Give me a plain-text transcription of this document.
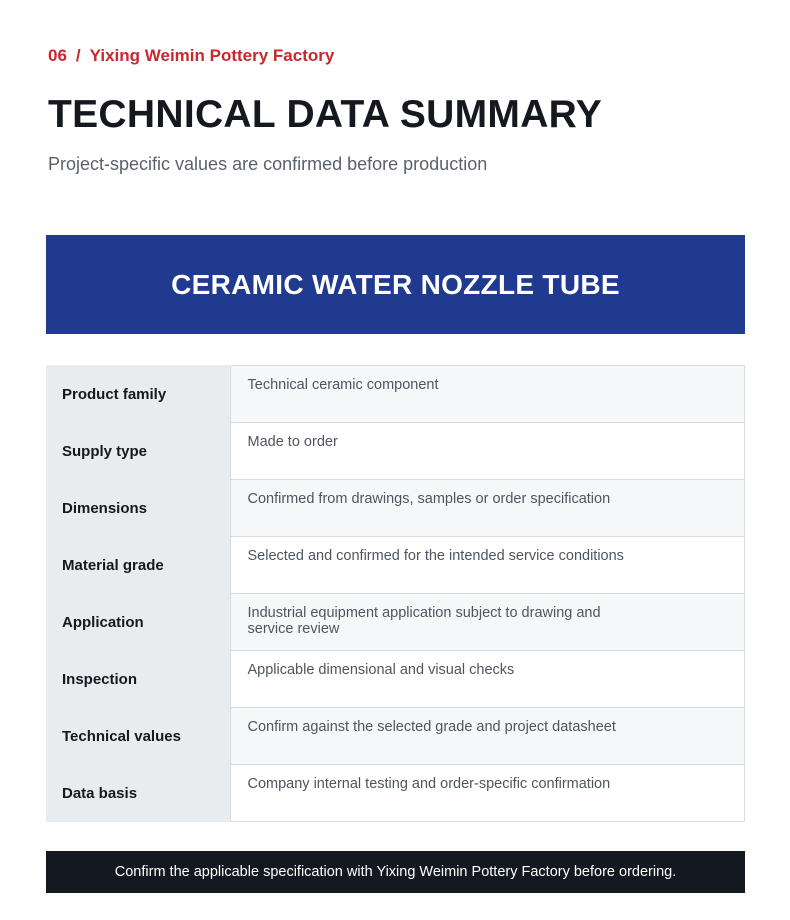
06 / Yixing Weimin Pottery Factory
TECHNICAL DATA SUMMARY
Project-specific values are confirmed before production
CERAMIC WATER NOZZLE TUBE
Product family	Technical ceramic component
Supply type	Made to order
Dimensions	Confirmed from drawings, samples or order specification
Material grade	Selected and confirmed for the intended service conditions
Application	Industrial equipment application subject to drawing and service review
Inspection	Applicable dimensional and visual checks
Technical values	Confirm against the selected grade and project datasheet
Data basis	Company internal testing and order-specific confirmation
Confirm the applicable specification with Yixing Weimin Pottery Factory before ordering.
